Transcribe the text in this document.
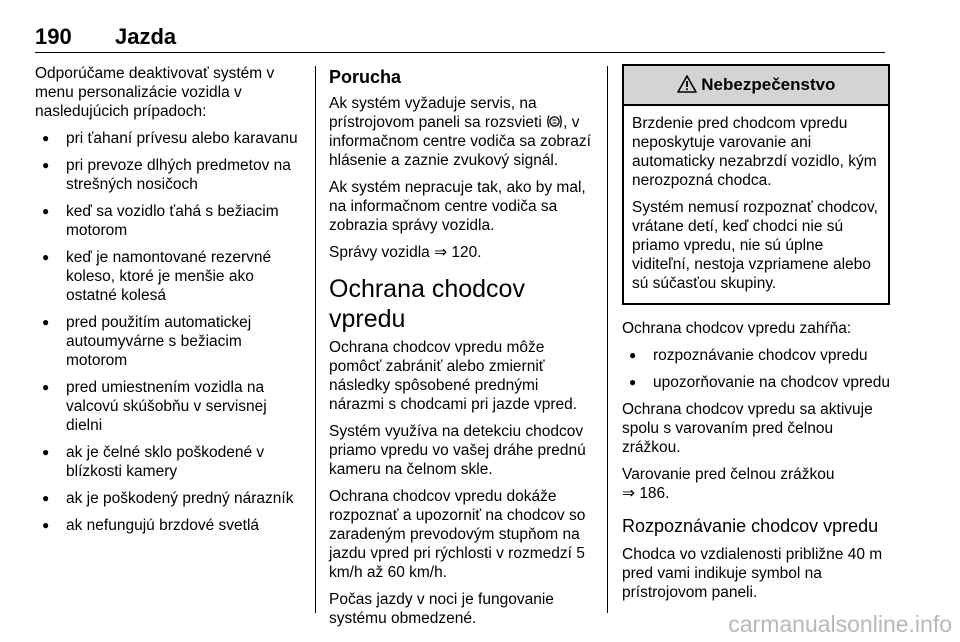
190 Jazda

Odporúčame deaktivovať systém v menu personalizácie vozidla v nasledujúcich prípadoch:

● pri ťahaní prívesu alebo karavanu
● pri prevoze dlhých predmetov na strešných nosičoch
● keď sa vozidlo ťahá s bežiacim motorom
● keď je namontované rezervné koleso, ktoré je menšie ako ostatné kolesá
● pred použitím automatickej autoumyvárne s bežiacim motorom
● pred umiestnením vozidla na valcovú skúšobňu v servisnej dielni
● ak je čelné sklo poškodené v blízkosti kamery
● ak je poškodený predný nárazník
● ak nefungujú brzdové svetlá
Porucha

Ak systém vyžaduje servis, na prístrojovom paneli sa rozsvieti , v informačnom centre vodiča sa zobrazí hlásenie a zaznie zvukový signál.

Ak systém nepracuje tak, ako by mal, na informačnom centre vodiča sa zobrazia správy vozidla.

Správy vozidla ⇒ 120.

Ochrana chodcov vpredu

Ochrana chodcov vpredu môže pomôcť zabrániť alebo zmierniť následky spôsobené prednými nárazmi s chodcami pri jazde vpred.

Systém využíva na detekciu chodcov priamo vpredu vo vašej dráhe prednú kameru na čelnom skle.

Ochrana chodcov vpredu dokáže rozpoznať a upozorniť na chodcov so zaradeným prevodovým stupňom na jazdu vpred pri rýchlosti v rozmedzí 5 km/h až 60 km/h.

Počas jazdy v noci je fungovanie systému obmedzené.

Nebezpečenstvo

Brzdenie pred chodcom vpredu neposkytuje varovanie ani automaticky nezabrzdí vozidlo, kým nerozpozná chodca.

Systém nemusí rozpoznať chodcov, vrátane detí, keď chodci nie sú priamo vpredu, nie sú úplne viditeľní, nestoja vzpriamene alebo sú súčasťou skupiny.

Ochrana chodcov vpredu zahŕňa:

● rozpoznávanie chodcov vpredu
● upozorňovanie na chodcov vpredu

Ochrana chodcov vpredu sa aktivuje spolu s varovaním pred čelnou zrážkou.

Varovanie pred čelnou zrážkou
⇒ 186.

Rozpoznávanie chodcov vpredu

Chodca vo vzdialenosti približne 40 m pred vami indikuje symbol na prístrojovom paneli.

carmanualsonline.info
